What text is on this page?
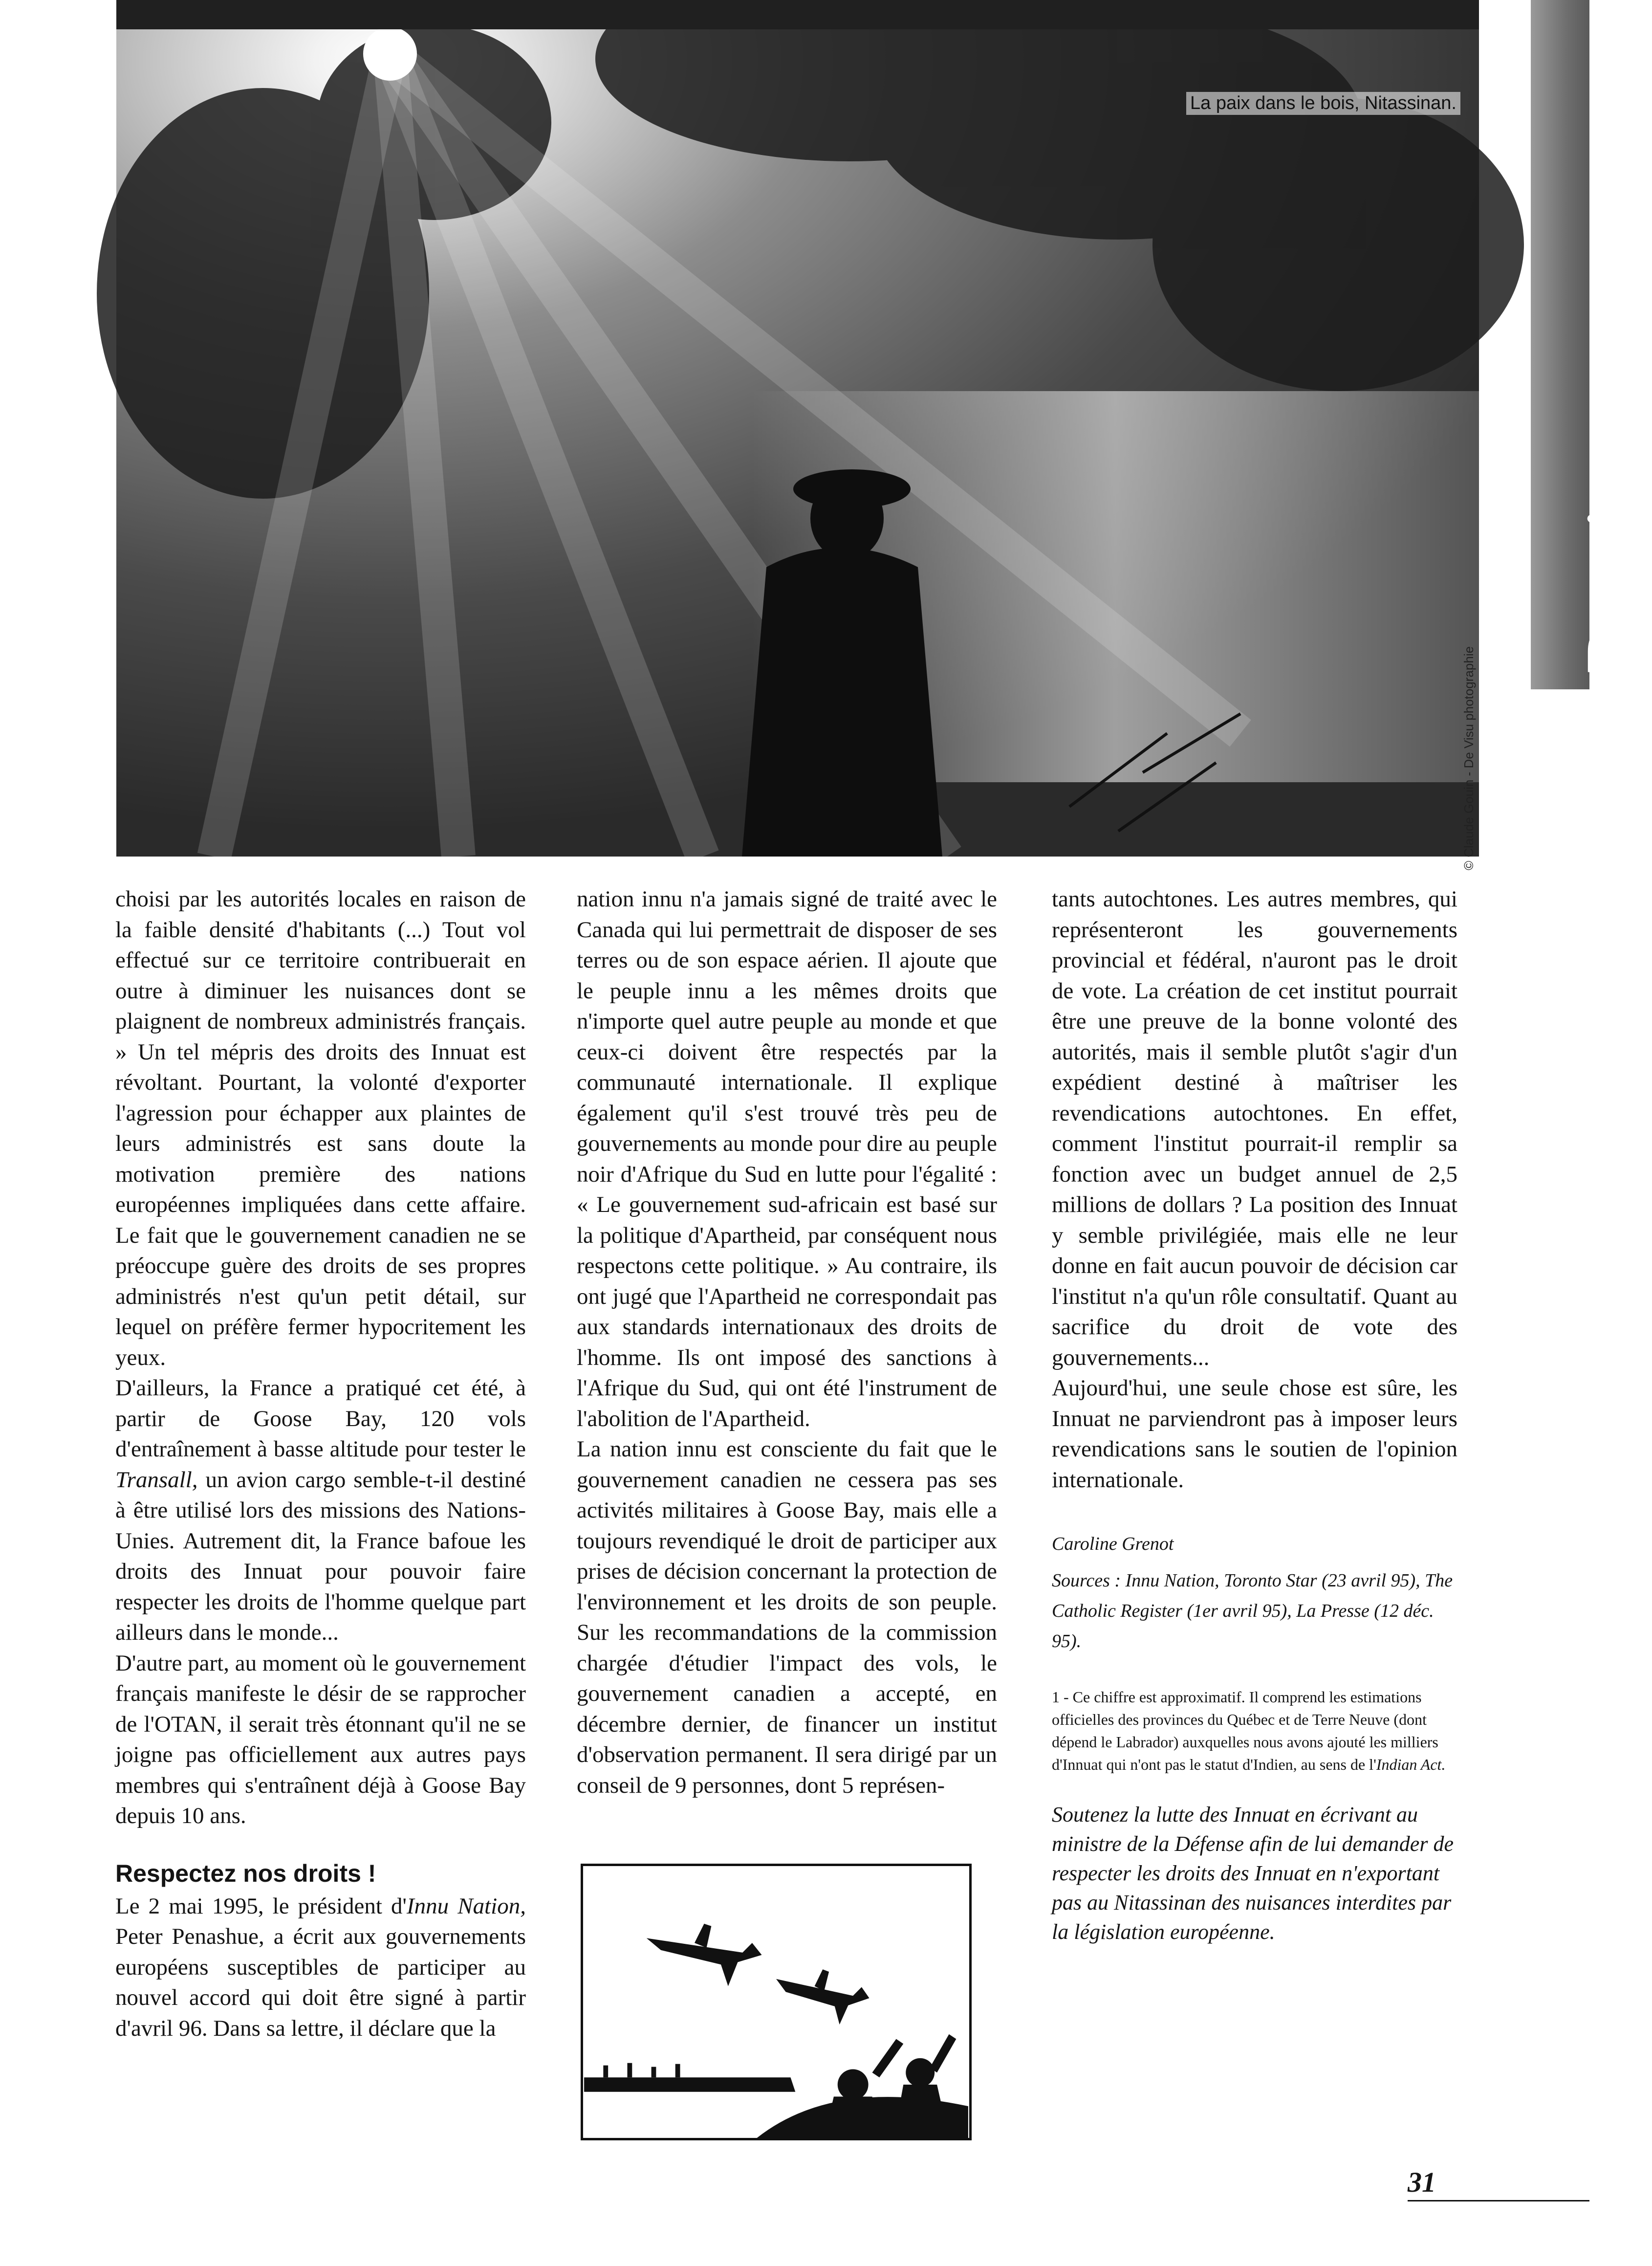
La paix dans le bois, Nitassinan.
Dossier

choisi par les autorités locales en raison de la faible densité d'habitants (...) Tout vol effectué sur ce territoire contribuerait en outre à diminuer les nuisances dont se plaignent de nombreux administrés français. » Un tel mépris des droits des Innuat est révoltant. Pourtant, la volonté d'exporter l'agression pour échapper aux plaintes de leurs administrés est sans doute la motivation première des nations européennes impliquées dans cette affaire. Le fait que le gouvernement canadien ne se préoccupe guère des droits de ses propres administrés n'est qu'un petit détail, sur lequel on préfère fermer hypocritement les yeux.

D'ailleurs, la France a pratiqué cet été, à partir de Goose Bay, 120 vols d'entraînement à basse altitude pour tester le Transall, un avion cargo semble-t-il destiné à être utilisé lors des missions des Nations-Unies. Autrement dit, la France bafoue les droits des Innuat pour pouvoir faire respecter les droits de l'homme quelque part ailleurs dans le monde...

D'autre part, au moment où le gouvernement français manifeste le désir de se rapprocher de l'OTAN, il serait très étonnant qu'il ne se joigne pas officiellement aux autres pays membres qui s'entraînent déjà à Goose Bay depuis 10 ans.

Respectez nos droits !

Le 2 mai 1995, le président d'Innu Nation, Peter Penashue, a écrit aux gouvernements européens susceptibles de participer au nouvel accord qui doit être signé à partir d'avril 96. Dans sa lettre, il déclare que la

nation innu n'a jamais signé de traité avec le Canada qui lui permettrait de disposer de ses terres ou de son espace aérien. Il ajoute que le peuple innu a les mêmes droits que n'importe quel autre peuple au monde et que ceux-ci doivent être respectés par la communauté internationale. Il explique également qu'il s'est trouvé très peu de gouvernements au monde pour dire au peuple noir d'Afrique du Sud en lutte pour l'égalité : « Le gouvernement sud-africain est basé sur la politique d'Apartheid, par conséquent nous respectons cette politique. » Au contraire, ils ont jugé que l'Apartheid ne correspondait pas aux standards internationaux des droits de l'homme. Ils ont imposé des sanctions à l'Afrique du Sud, qui ont été l'instrument de l'abolition de l'Apartheid.

La nation innu est consciente du fait que le gouvernement canadien ne cessera pas ses activités militaires à Goose Bay, mais elle a toujours revendiqué le droit de participer aux prises de décision concernant la protection de l'environnement et les droits de son peuple. Sur les recommandations de la commission chargée d'étudier l'impact des vols, le gouvernement canadien a accepté, en décembre dernier, de financer un institut d'observation permanent. Il sera dirigé par un conseil de 9 personnes, dont 5 représen-

tants autochtones. Les autres membres, qui représenteront les gouvernements provincial et fédéral, n'auront pas le droit de vote. La création de cet institut pourrait être une preuve de la bonne volonté des autorités, mais il semble plutôt s'agir d'un expédient destiné à maîtriser les revendications autochtones. En effet, comment l'institut pourrait-il remplir sa fonction avec un budget annuel de 2,5 millions de dollars ? La position des Innuat y semble privilégiée, mais elle ne leur donne en fait aucun pouvoir de décision car l'institut n'a qu'un rôle consultatif. Quant au sacrifice du droit de vote des gouvernements...

Aujourd'hui, une seule chose est sûre, les Innuat ne parviendront pas à imposer leurs revendications sans le soutien de l'opinion internationale.

Caroline Grenot
Sources : Innu Nation, Toronto Star (23 avril 95), The Catholic Register (1er avril 95), La Presse (12 déc. 95).
1 - Ce chiffre est approximatif. Il comprend les estimations officielles des provinces du Québec et de Terre Neuve (dont dépend le Labrador) auxquelles nous avons ajouté les milliers d'Innuat qui n'ont pas le statut d'Indien, au sens de l'Indian Act.
Soutenez la lutte des Innuat en écrivant au ministre de la Défense afin de lui demander de respecter les droits des Innuat en n'exportant pas au Nitassinan des nuisances interdites par la législation européenne.
31
